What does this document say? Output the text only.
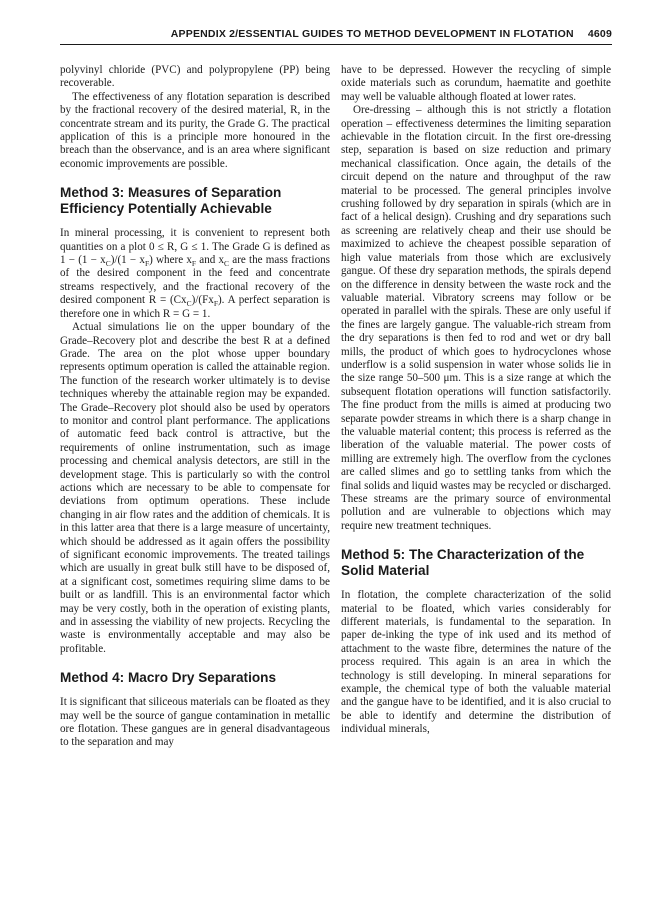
APPENDIX 2/ESSENTIAL GUIDES TO METHOD DEVELOPMENT IN FLOTATION 4609

polyvinyl chloride (PVC) and polypropylene (PP) being recoverable.

The effectiveness of any flotation separation is described by the fractional recovery of the desired material, R, in the concentrate stream and its purity, the Grade G. The practical application of this is a principle more honoured in the breach than the observance, and is an area where significant economic improvements are possible.

Method 3: Measures of Separation Efficiency Potentially Achievable

In mineral processing, it is convenient to represent both quantities on a plot 0 ≤ R, G ≤ 1. The Grade G is defined as $1 - (1 - x_C)/(1 - x_F)$ where $x_F$ and $x_C$ are the mass fractions of the desired component in the feed and concentrate streams respectively, and the fractional recovery of the desired component $R = (Cx_C)/(Fx_F)$. A perfect separation is therefore one in which R = G = 1.

Actual simulations lie on the upper boundary of the Grade–Recovery plot and describe the best R at a defined Grade. The area on the plot whose upper boundary represents optimum operation is called the attainable region. The function of the research worker ultimately is to devise techniques whereby the attainable region may be expanded. The Grade–Recovery plot should also be used by operators to monitor and control plant performance. The applications of automatic feed back control is attractive, but the requirements of online instrumentation, such as image processing and chemical analysis detectors, are still in the development stage. This is particularly so with the control actions which are necessary to be able to compensate for deviations from optimum operations. These include changing in air flow rates and the addition of chemicals. It is in this latter area that there is a large measure of uncertainty, which should be addressed as it again offers the possibility of significant economic improvements. The treated tailings which are usually in great bulk still have to be disposed of, at a significant cost, sometimes requiring slime dams to be built or as landfill. This is an environmental factor which may be very costly, both in the operation of existing plants, and in assessing the viability of new projects. Recycling the waste is environmentally acceptable and may also be profitable.

Method 4: Macro Dry Separations

It is significant that siliceous materials can be floated as they may well be the source of gangue contamination in metallic ore flotation. These gangues are in general disadvantageous to the separation and may

have to be depressed. However the recycling of simple oxide materials such as corundum, haematite and goethite may well be valuable although floated at lower rates.

Ore-dressing – although this is not strictly a flotation operation – effectiveness determines the limiting separation achievable in the flotation circuit. In the first ore-dressing step, separation is based on size reduction and primary mechanical classification. Once again, the details of the circuit depend on the nature and throughput of the raw material to be processed. The general principles involve crushing followed by dry separation in spirals (which are in fact of a helical design). Crushing and dry separations such as screening are relatively cheap and their use should be maximized to achieve the cheapest possible separation of high value materials from those which are exclusively gangue. Of these dry separation methods, the spirals depend on the difference in density between the waste rock and the valuable material. Vibratory screens may follow or be operated in parallel with the spirals. These are only useful if the fines are largely gangue. The valuable-rich stream from the dry separations is then fed to rod and wet or dry ball mills, the product of which goes to hydrocyclones whose underflow is a solid suspension in water whose solids lie in the size range 50–500 μm. This is a size range at which the subsequent flotation operations will function satisfactorily. The fine product from the mills is aimed at producing two separate powder streams in which there is a sharp change in the valuable material content; this process is referred as the liberation of the valuable material. The power costs of milling are extremely high. The overflow from the cyclones are called slimes and go to settling tanks from which the final solids and liquid wastes may be recycled or discharged. These streams are the primary source of environmental pollution and are vulnerable to objections which may require new treatment techniques.

Method 5: The Characterization of the Solid Material

In flotation, the complete characterization of the solid material to be floated, which varies considerably for different materials, is fundamental to the separation. In paper de-inking the type of ink used and its method of attachment to the waste fibre, determines the nature of the process required. This again is an area in which the technology is still developing. In mineral separations for example, the chemical type of both the valuable material and the gangue have to be identified, and it is also crucial to be able to identify and determine the distribution of individual minerals,
